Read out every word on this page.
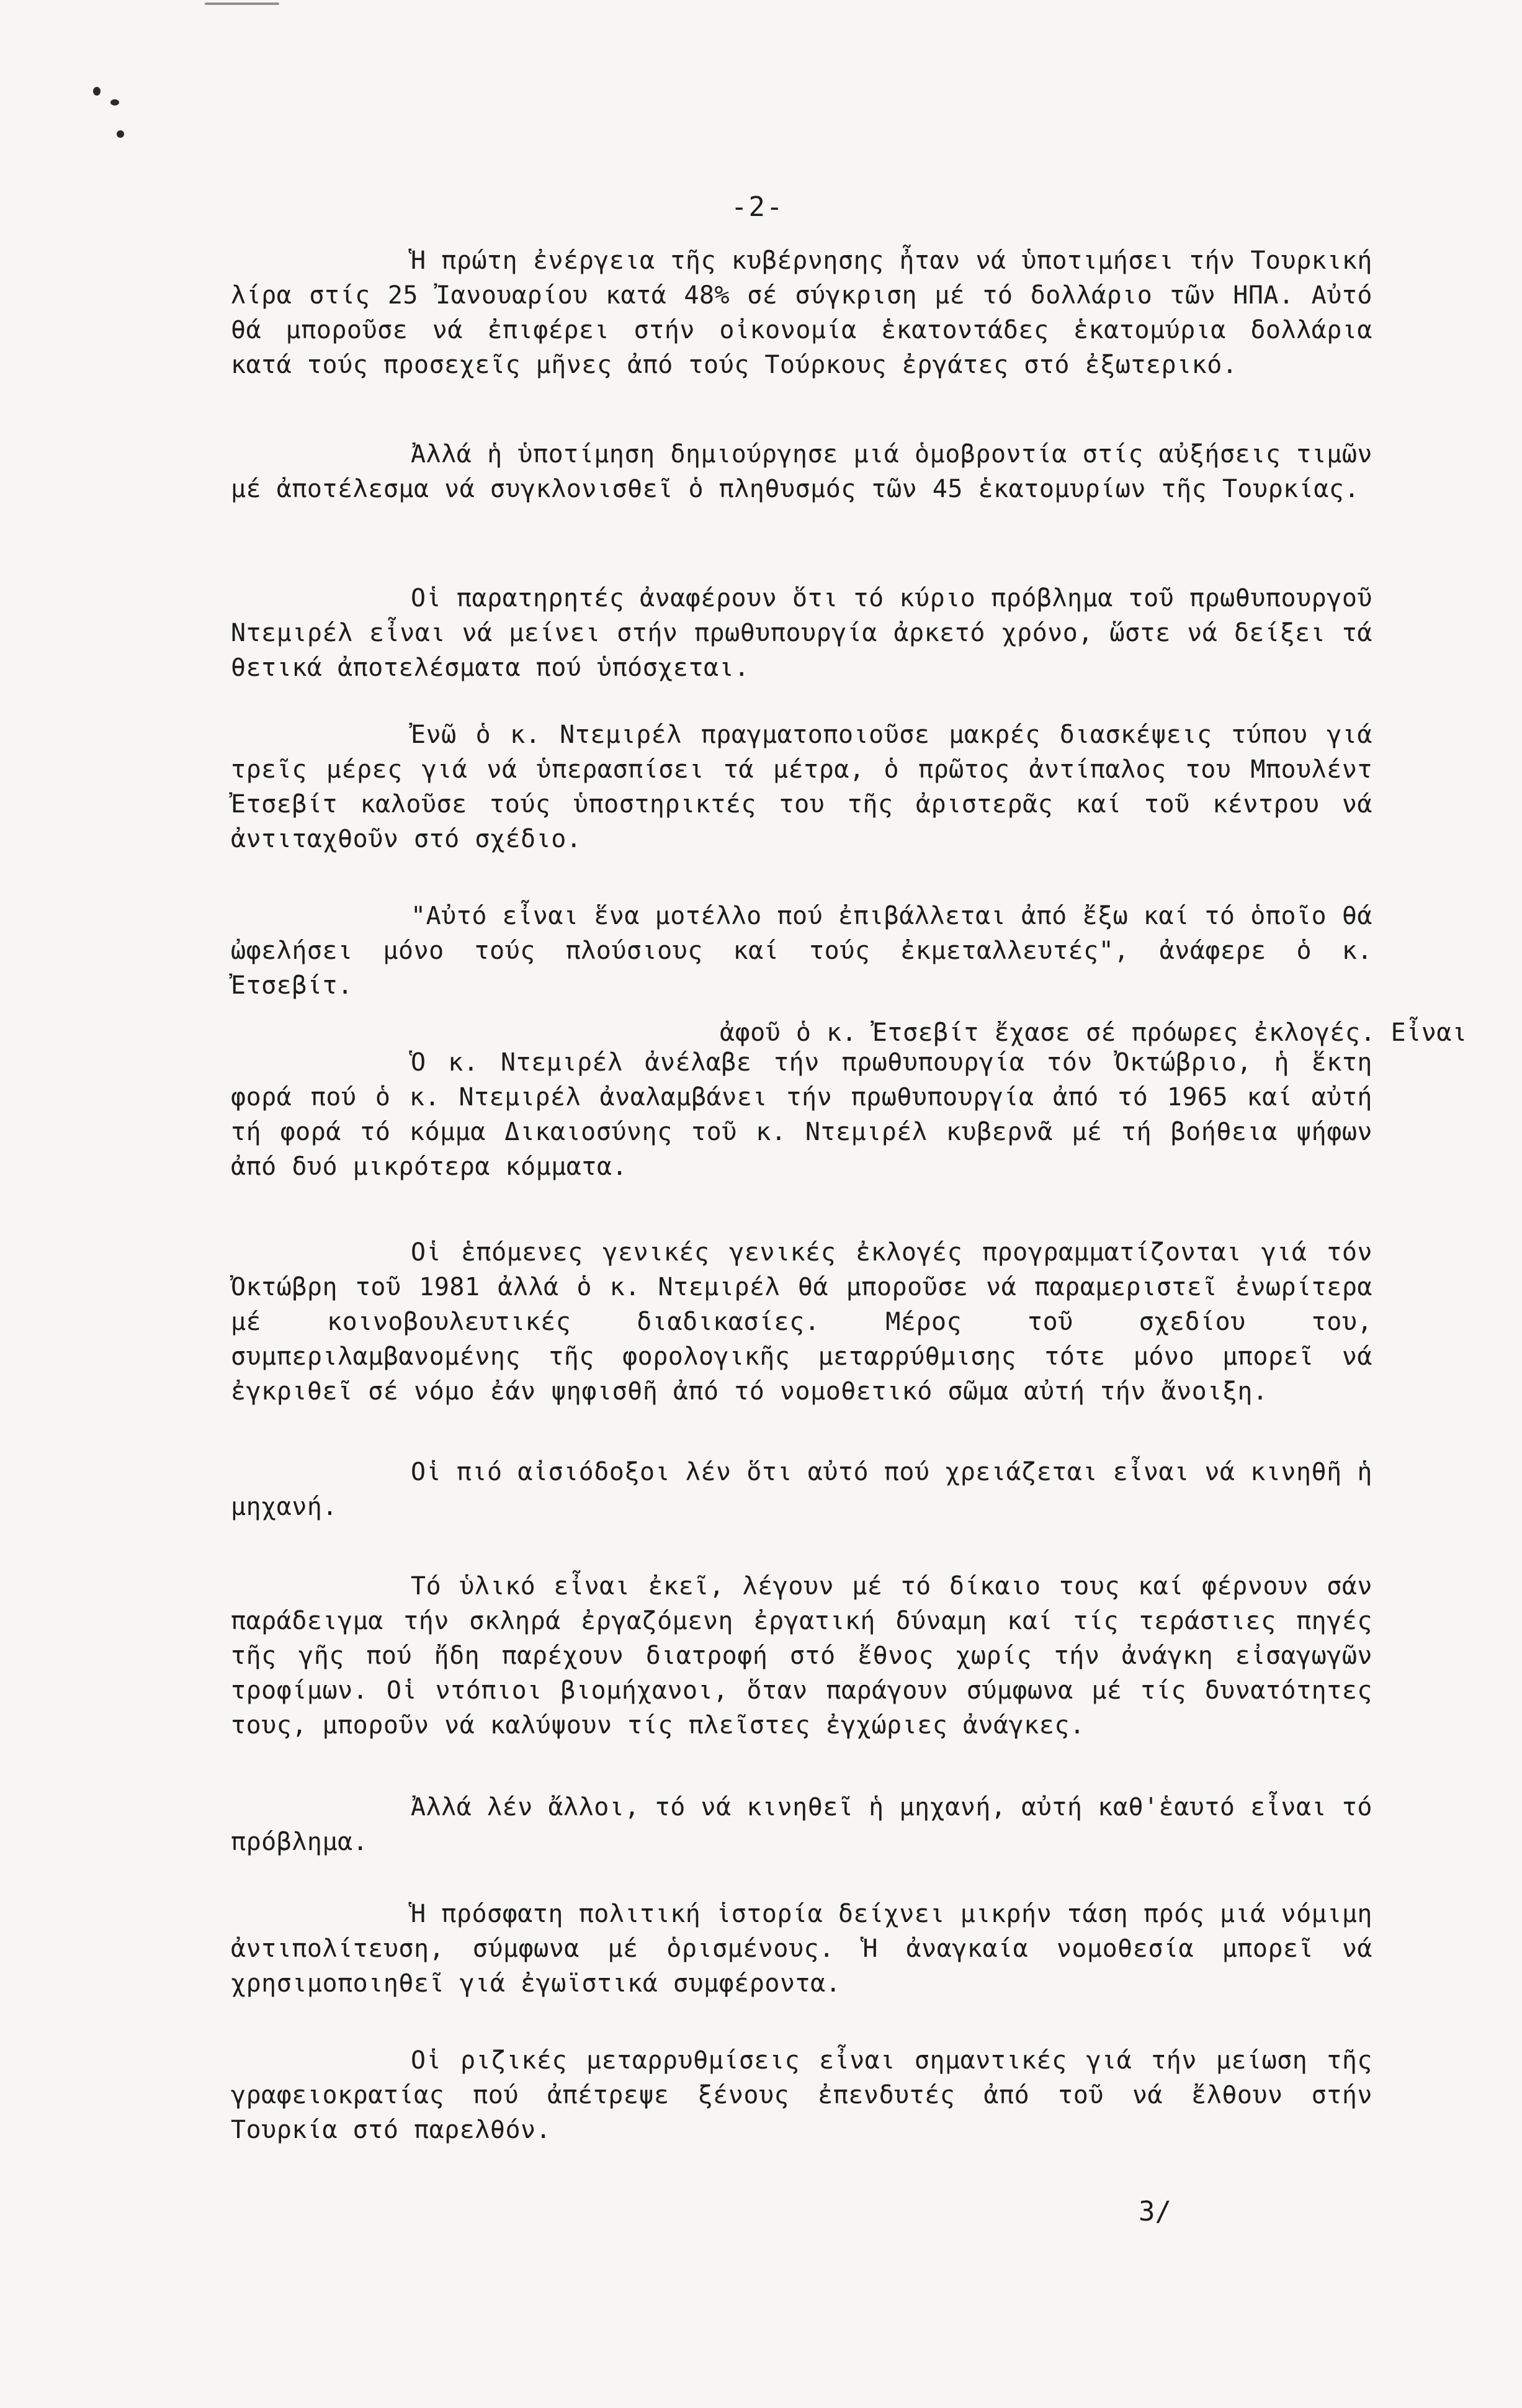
-2-

Ἡ πρώτη ἐνέργεια τῆς κυβέρνησης ἦταν νά ὑποτιμήσει τήν Τουρκική λίρα στίς 25 Ἰανουαρίου κατά 48% σέ σύγκριση μέ τό δολλάριο τῶν ΗΠΑ. Αὐτό θά μποροῦσε νά ἐπιφέρει στήν οἰκονομία ἑκατοντάδες ἑκατομύρια δολλάρια κατά τούς προσεχεῖς μῆνες ἀπό τούς Τούρκους ἐργάτες στό ἐξωτερικό.

Ἀλλά ἡ ὑποτίμηση δημιούργησε μιά ὁμοβροντία στίς αὐξήσεις τιμῶν μέ ἀποτέλεσμα νά συγκλονισθεῖ ὁ πληθυσμός τῶν 45 ἑκατομυρίων τῆς Τουρκίας.

Οἱ παρατηρητές ἀναφέρουν ὅτι τό κύριο πρόβλημα τοῦ πρωθυπουργοῦ Ντεμιρέλ εἶναι νά μείνει στήν πρωθυπουργία ἀρκετό χρόνο, ὥστε νά δείξει τά θετικά ἀποτελέσματα πού ὑπόσχεται.

Ἐνῶ ὁ κ. Ντεμιρέλ πραγματοποιοῦσε μακρές διασκέψεις τύπου γιά τρεῖς μέρες γιά νά ὑπερασπίσει τά μέτρα, ὁ πρῶτος ἀντίπαλος του Μπουλέντ Ἐτσεβίτ καλοῦσε τούς ὑποστηρικτές του τῆς ἀριστερᾶς καί τοῦ κέντρου νά ἀντιταχθοῦν στό σχέδιο.

"Αὐτό εἶναι ἕνα μοτέλλο πού ἐπιβάλλεται ἀπό ἔξω καί τό ὁποῖο θά ὠφελήσει μόνο τούς πλούσιους καί τούς ἐκμεταλλευτές", ἀνάφερε ὁ κ. Ἐτσεβίτ.

ἀφοῦ ὁ κ. Ἐτσεβίτ ἔχασε σέ πρόωρες ἐκλογές. Εἶναι

Ὁ κ. Ντεμιρέλ ἀνέλαβε τήν πρωθυπουργία τόν Ὀκτώβριο, ἡ ἕκτη φορά πού ὁ κ. Ντεμιρέλ ἀναλαμβάνει τήν πρωθυπουργία ἀπό τό 1965 καί αὐτή τή φορά τό κόμμα Δικαιοσύνης τοῦ κ. Ντεμιρέλ κυβερνᾶ μέ τή βοήθεια ψήφων ἀπό δυό μικρότερα κόμματα.

Οἱ ἑπόμενες γενικές γενικές ἐκλογές προγραμματίζονται γιά τόν Ὀκτώβρη τοῦ 1981 ἀλλά ὁ κ. Ντεμιρέλ θά μποροῦσε νά παραμεριστεῖ ἐνωρίτερα μέ κοινοβουλευτικές διαδικασίες. Μέρος τοῦ σχεδίου του, συμπεριλαμβανομένης τῆς φορολογικῆς μεταρρύθμισης τότε μόνο μπορεῖ νά ἐγκριθεῖ σέ νόμο ἐάν ψηφισθῆ ἀπό τό νομοθετικό σῶμα αὐτή τήν ἄνοιξη.

Οἱ πιό αἰσιόδοξοι λέν ὅτι αὐτό πού χρειάζεται εἶναι νά κινηθῆ ἡ μηχανή.

Τό ὑλικό εἶναι ἐκεῖ, λέγουν μέ τό δίκαιο τους καί φέρνουν σάν παράδειγμα τήν σκληρά ἐργαζόμενη ἐργατική δύναμη καί τίς τεράστιες πηγές τῆς γῆς πού ἤδη παρέχουν διατροφή στό ἔθνος χωρίς τήν ἀνάγκη εἰσαγωγῶν τροφίμων. Οἱ ντόπιοι βιομήχανοι, ὅταν παράγουν σύμφωνα μέ τίς δυνατότητες τους, μποροῦν νά καλύψουν τίς πλεῖστες ἐγχώριες ἀνάγκες.

Ἀλλά λέν ἄλλοι, τό νά κινηθεῖ ἡ μηχανή, αὐτή καθ'ἑαυτό εἶναι τό πρόβλημα.

Ἡ πρόσφατη πολιτική ἱστορία δείχνει μικρήν τάση πρός μιά νόμιμη ἀντιπολίτευση, σύμφωνα μέ ὁρισμένους. Ἡ ἀναγκαία νομοθεσία μπορεῖ νά χρησιμοποιηθεῖ γιά ἐγωϊστικά συμφέροντα.

Οἱ ριζικές μεταρρυθμίσεις εἶναι σημαντικές γιά τήν μείωση τῆς γραφειοκρατίας πού ἀπέτρεψε ξένους ἐπενδυτές ἀπό τοῦ νά ἔλθουν στήν Τουρκία στό παρελθόν.

3/
